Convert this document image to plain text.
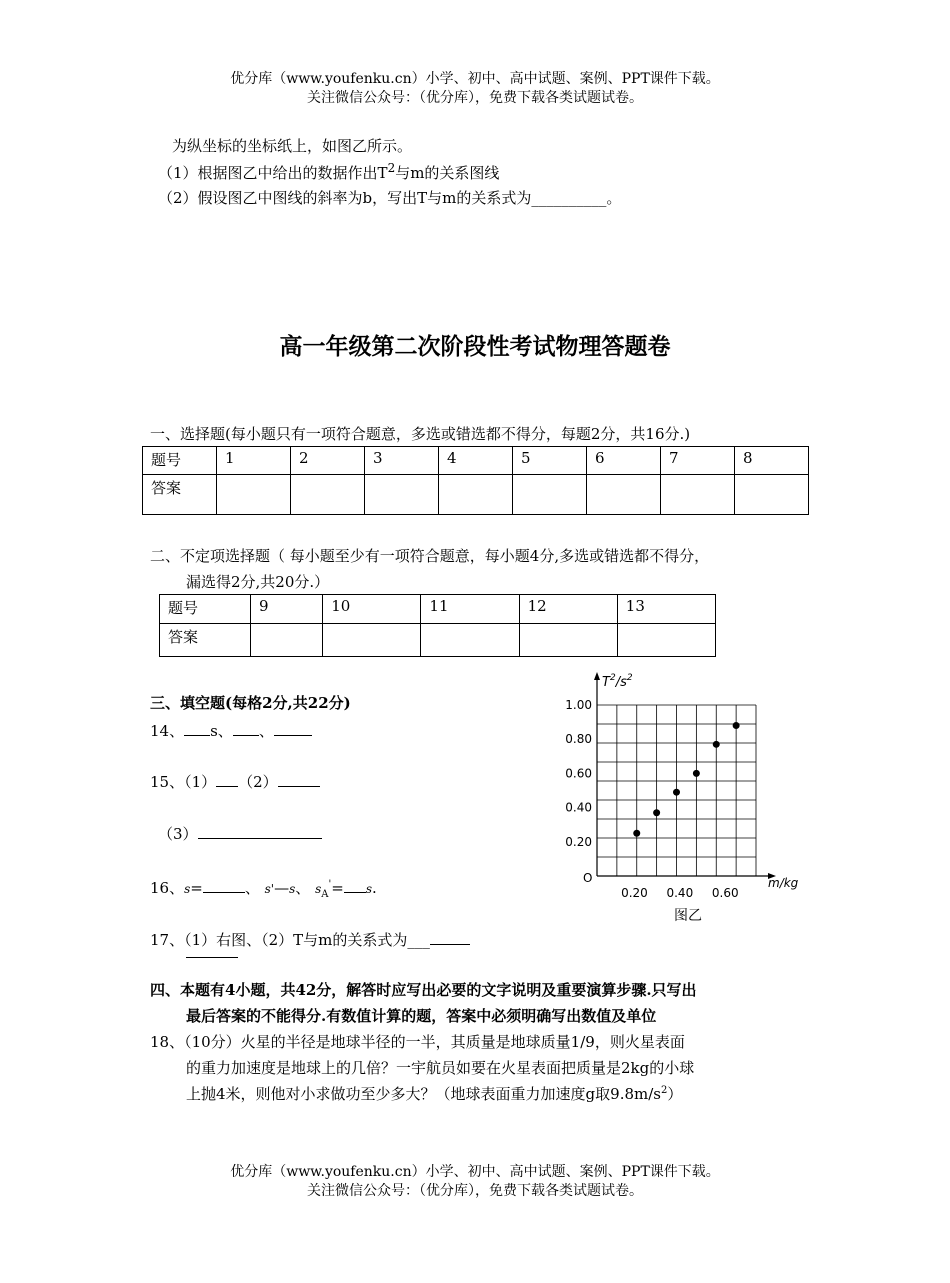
优分库（www.youfenku.cn）小学、初中、高中试题、案例、PPT课件下载。
关注微信公众号：（优分库），免费下载各类试题试卷。
为纵坐标的坐标纸上，如图乙所示。
（1）根据图乙中给出的数据作出$T^2$与m的关系图线
（2）假设图乙中图线的斜率为b，写出T与m的关系式为__________。
高一年级第二次阶段性考试物理答题卷
一、选择题(每小题只有一项符合题意，多选或错选都不得分，每题2分，共16分.)
题号	1	2	3	4	5	6	7	8
答案								
二、不定项选择题（ 每小题至少有一项符合题意，每小题4分,多选或错选都不得分，
漏选得2分,共20分.）
题号	9	10	11	12	13
答案					
三、填空题(每格2分,共22分)
14、 s、 、
15、（1） （2）
（3）
16、s=	、 s'—s、 $s_A'= s$.
17、（1）右图、（2）T与m的关系式为___
1.00
0.80
0.60
0.40
0.20
0.20 0.40 0.60
O
$T^2/s^2$
m/kg
图乙
四、本题有4小题，共42分，解答时应写出必要的文字说明及重要演算步骤.只写出
最后答案的不能得分.有数值计算的题，答案中必须明确写出数值及单位
18、（10分）火星的半径是地球半径的一半，其质量是地球质量1/9，则火星表面
的重力加速度是地球上的几倍？一宇航员如要在火星表面把质量是2kg的小球
上抛4米，则他对小求做功至少多大？（地球表面重力加速度g取$9.8m/s^2$）
优分库（www.youfenku.cn）小学、初中、高中试题、案例、PPT课件下载。
关注微信公众号：（优分库），免费下载各类试题试卷。
